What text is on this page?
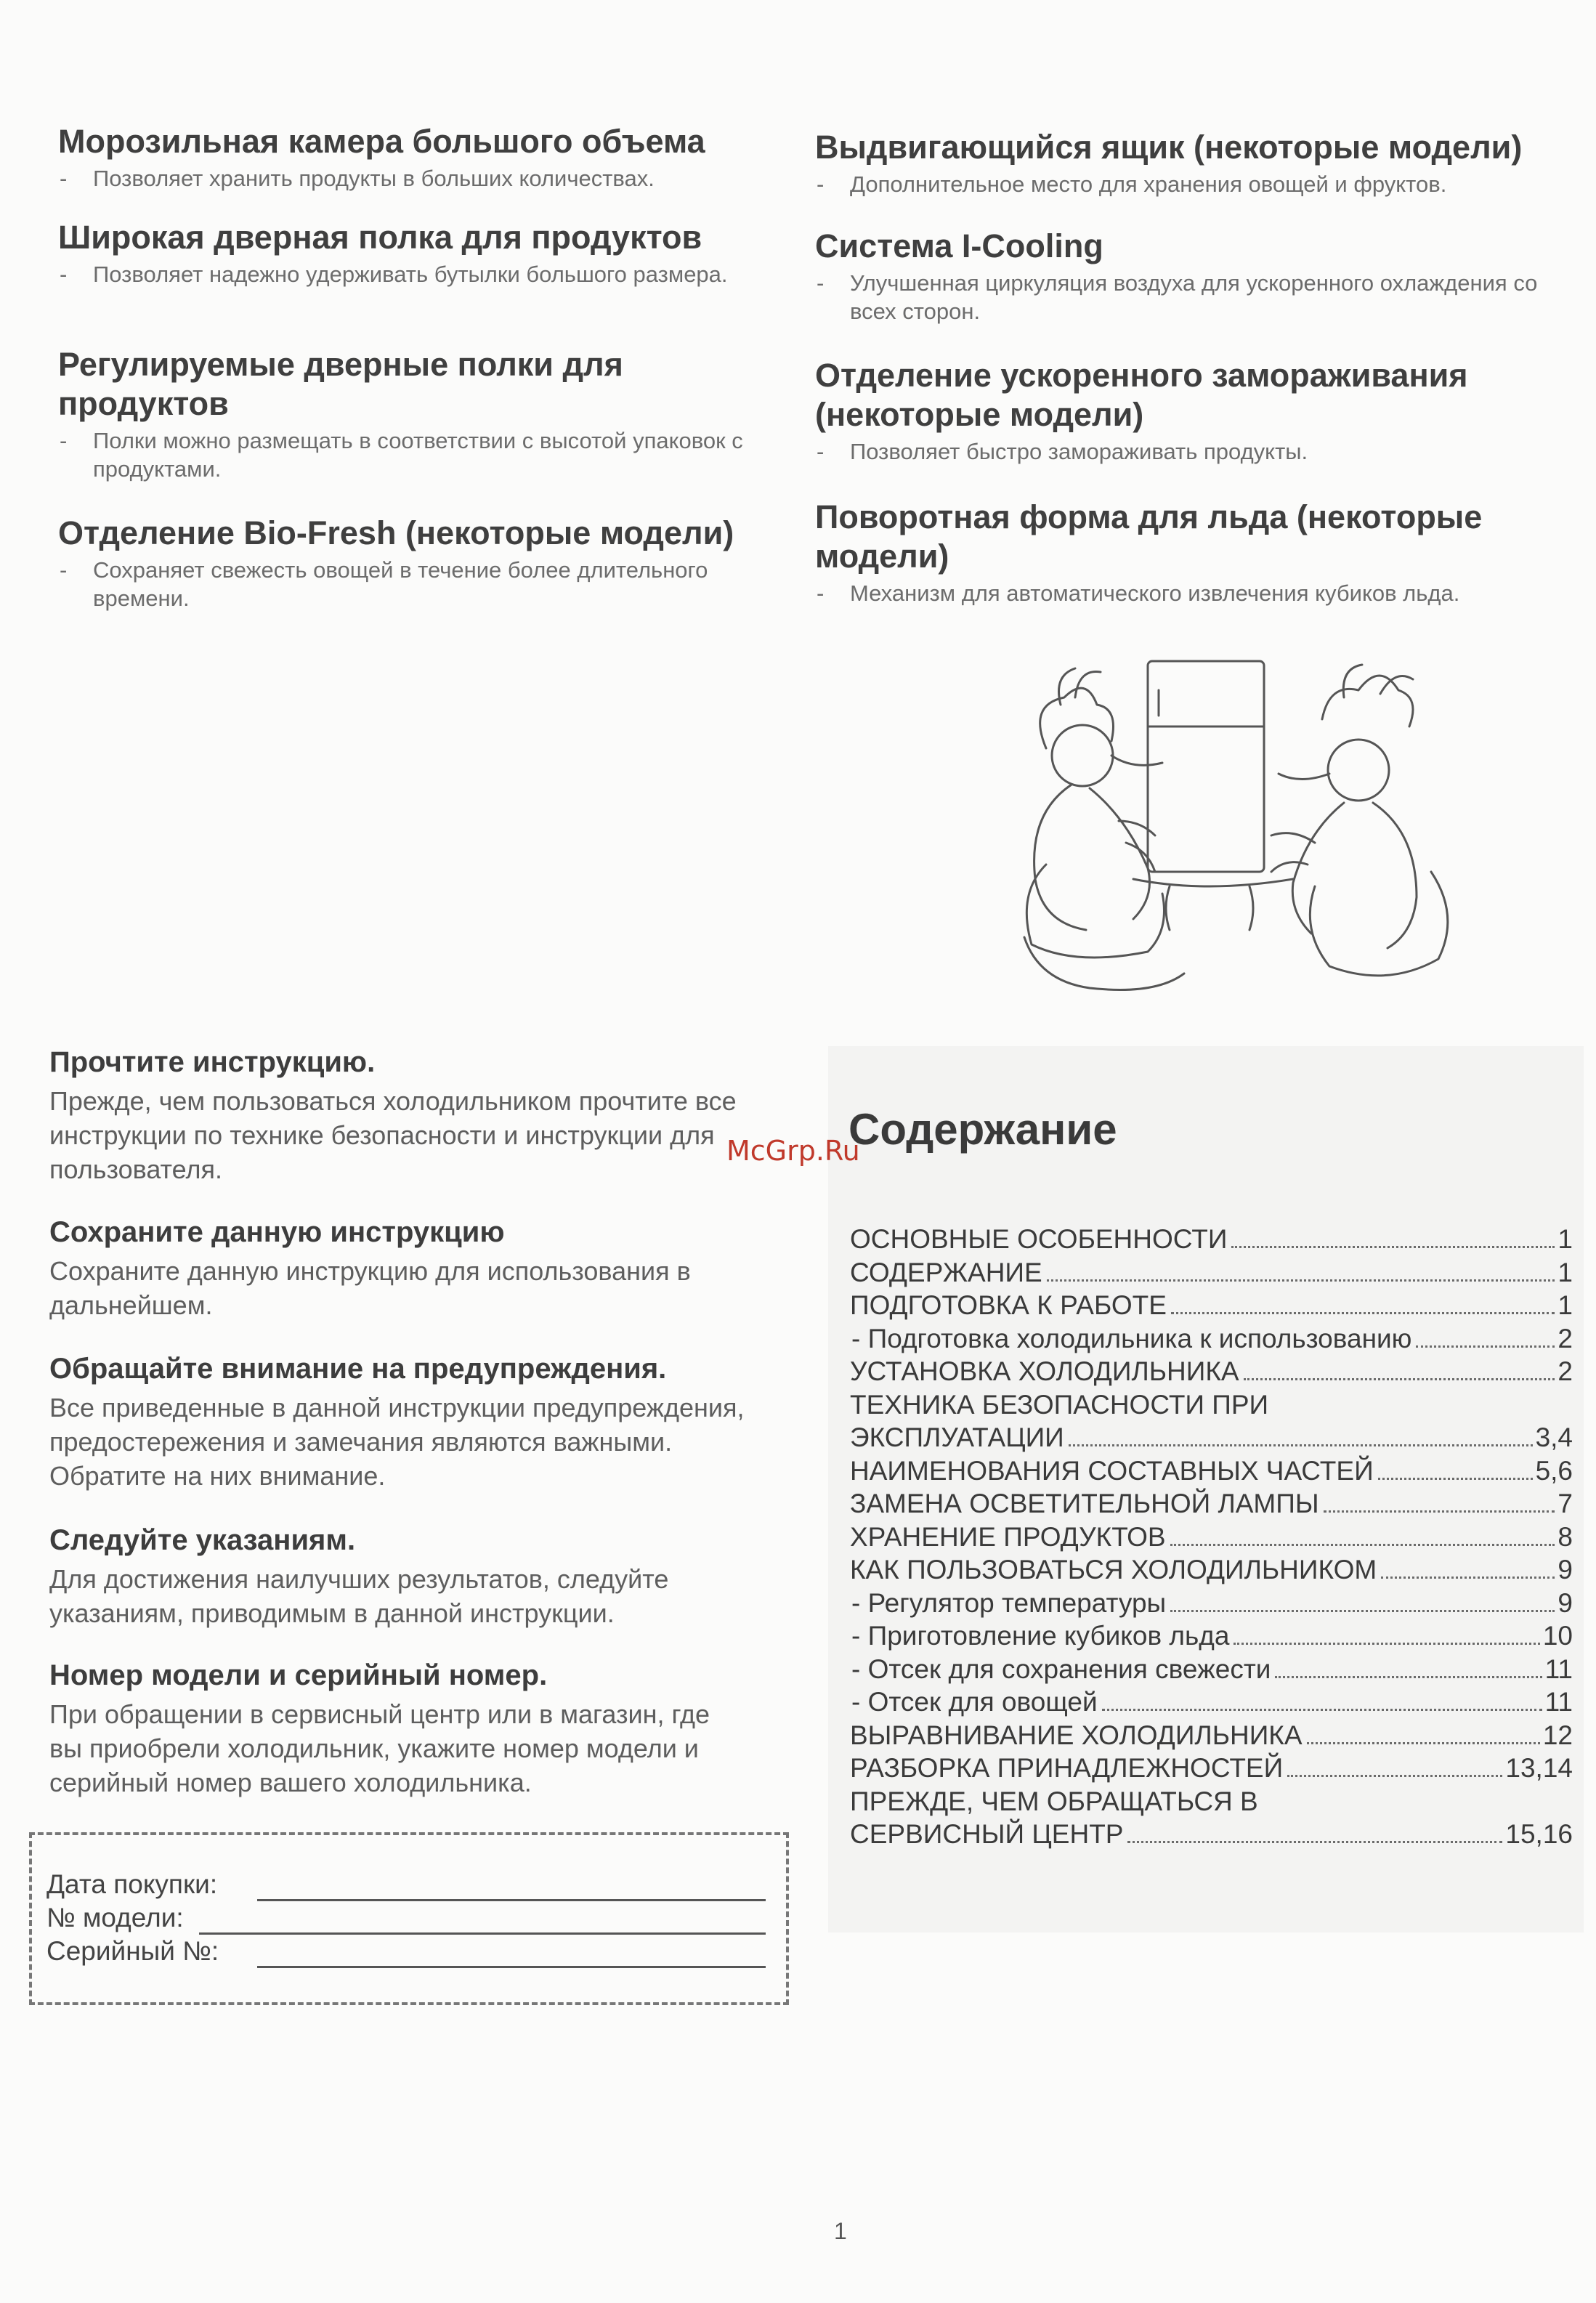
Морозильная камера большого объема

- Позволяет хранить продукты в больших количествах.

Широкая дверная полка для продуктов

- Позволяет надежно удерживать бутылки большого размера.

Регулируемые дверные полки для продуктов

- Полки можно размещать в соответствии с высотой упаковок с продуктами.

Отделение Bio-Fresh (некоторые модели)

- Сохраняет свежесть овощей в течение более длительного времени.

Выдвигающийся ящик (некоторые модели)

- Дополнительное место для хранения овощей и фруктов.

Система I-Cooling

- Улучшенная циркуляция воздуха для ускоренного охлаждения со всех сторон.

Отделение ускоренного замораживания (некоторые модели)

- Позволяет быстро замораживать продукты.

Поворотная форма для льда (некоторые модели)

- Механизм для автоматического извлечения кубиков льда.

Прочтите инструкцию.

Прежде, чем пользоваться холодильником прочтите все инструкции по технике безопасности и инструкции для пользователя.

Сохраните данную инструкцию

Сохраните данную инструкцию для использования в дальнейшем.

Обращайте внимание на предупреждения.

Все приведенные в данной инструкции предупреждения, предостережения и замечания являются важными. Обратите на них внимание.

Следуйте указаниям.

Для достижения наилучших результатов, следуйте указаниям, приводимым в данной инструкции.

Номер модели и серийный номер.

При обращении в сервисный центр или в магазин, где вы приобрели холодильник, укажите номер модели и серийный номер вашего холодильника.

Дата покупки:
№ модели:
Серийный №:
McGrp.Ru
Содержание
ОСНОВНЫЕ ОСОБЕННОСТИ	1
СОДЕРЖАНИЕ	1
ПОДГОТОВКА К РАБОТЕ	1
- Подготовка холодильника к использованию	2
УСТАНОВКА ХОЛОДИЛЬНИКА	2
ТЕХНИКА БЕЗОПАСНОСТИ ПРИ
ЭКСПЛУАТАЦИИ	3,4
НАИМЕНОВАНИЯ СОСТАВНЫХ ЧАСТЕЙ	5,6
ЗАМЕНА ОСВЕТИТЕЛЬНОЙ ЛАМПЫ	7
ХРАНЕНИЕ ПРОДУКТОВ	8
КАК ПОЛЬЗОВАТЬСЯ ХОЛОДИЛЬНИКОМ	9
- Регулятор температуры	9
- Приготовление кубиков льда	10
- Отсек для сохранения свежести	11
- Отсек для овощей	11
ВЫРАВНИВАНИЕ ХОЛОДИЛЬНИКА	12
РАЗБОРКА ПРИНАДЛЕЖНОСТЕЙ	13,14
ПРЕЖДЕ, ЧЕМ ОБРАЩАТЬСЯ В
СЕРВИСНЫЙ ЦЕНТР	15,16
1
